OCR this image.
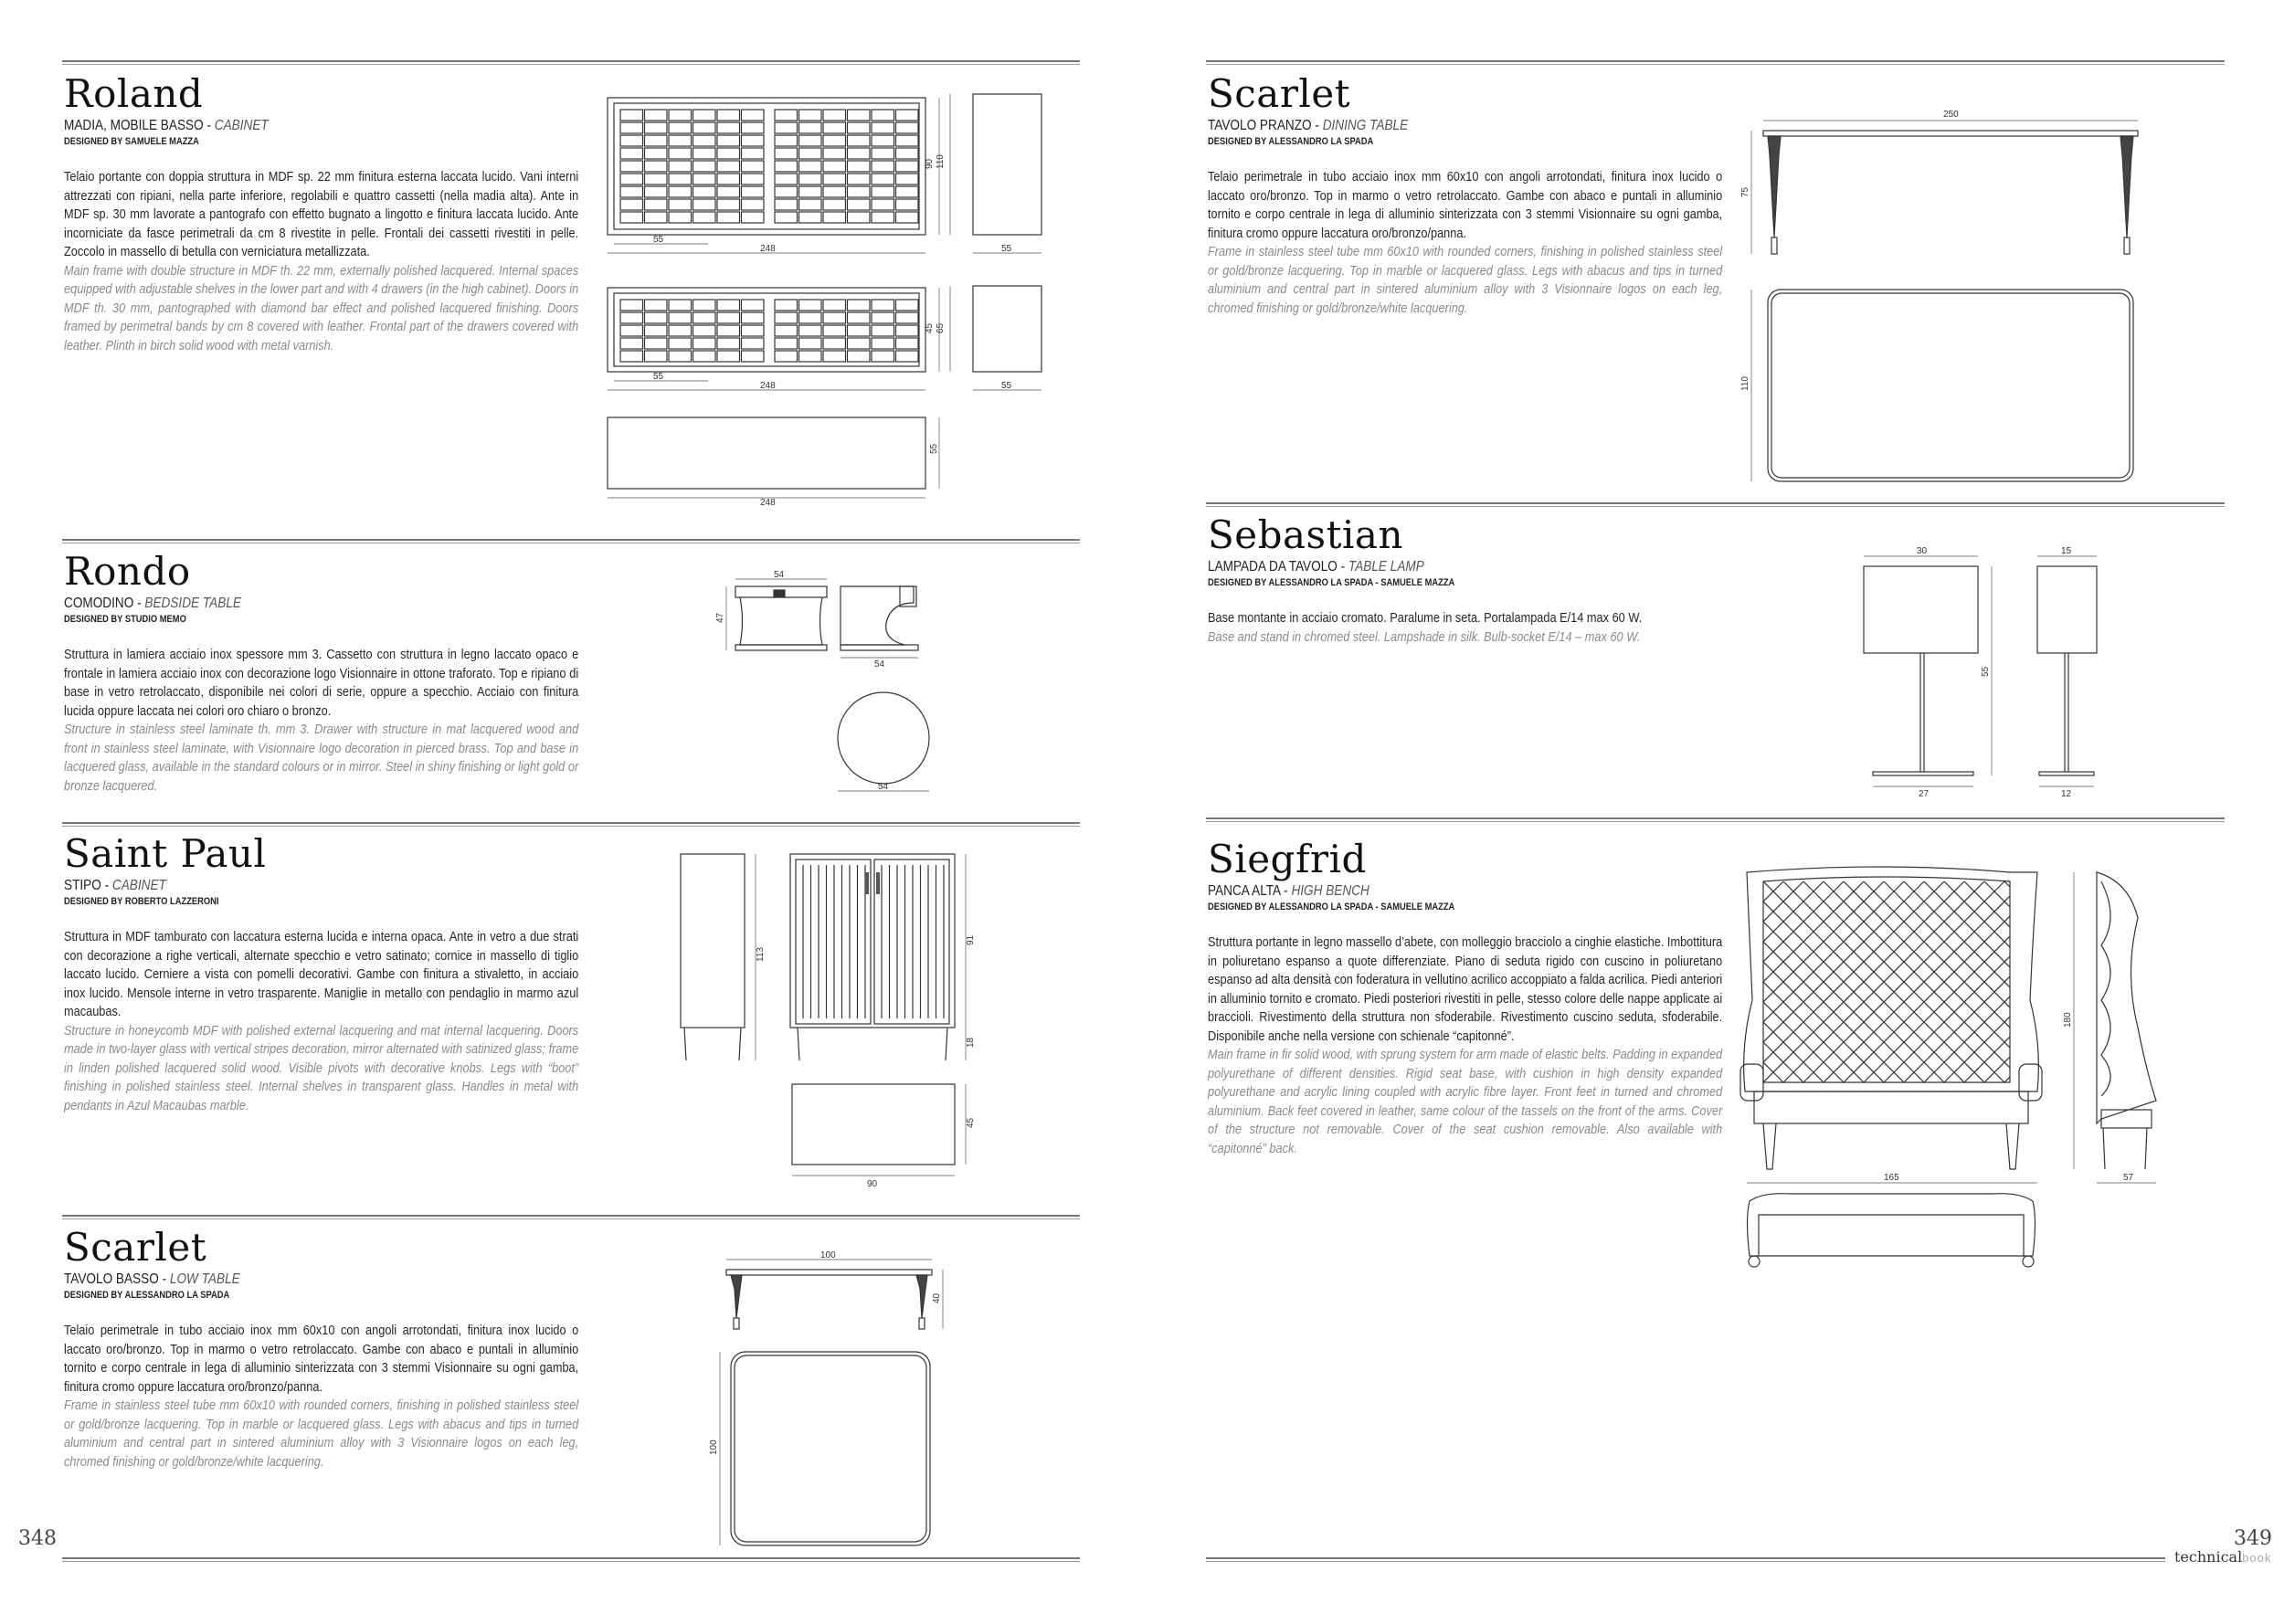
Roland
MADIA, MOBILE BASSO - CABINET
DESIGNED BY SAMUELE MAZZA

Telaio portante con doppia struttura in MDF sp. 22 mm finitura esterna laccata lucido. Vani interni attrezzati con ripiani, nella parte inferiore, regolabili e quattro cassetti (nella madia alta). Ante in MDF sp. 30 mm lavorate a pantografo con effetto bugnato a lingotto e finitura laccata lucido. Ante incorniciate da fasce perimetrali da cm 8 rivestite in pelle. Frontali dei cassetti rivestiti in pelle. Zoccolo in massello di betulla con verniciatura metallizzata.

Main frame with double structure in MDF th. 22 mm, externally polished lacquered. Internal spaces equipped with adjustable shelves in the lower part and with 4 drawers (in the high cabinet). Doors in MDF th. 30 mm, pantographed with diamond bar effect and polished lacquered finishing. Doors framed by perimetral bands by cm 8 covered with leather. Frontal part of the drawers covered with leather. Plinth in birch solid wood with metal varnish.

55
248
90 110
55
55
248
45 65
55
248
55
Rondo
COMODINO - BEDSIDE TABLE
DESIGNED BY STUDIO MEMO

Struttura in lamiera acciaio inox spessore mm 3. Cassetto con struttura in legno laccato opaco e frontale in lamiera acciaio inox con decorazione logo Visionnaire in ottone traforato. Top e ripiano di base in vetro retrolaccato, disponibile nei colori di serie, oppure a specchio. Acciaio con finitura lucida oppure laccata nei colori oro chiaro o bronzo.

Structure in stainless steel laminate th. mm 3. Drawer with structure in mat lacquered wood and front in stainless steel laminate, with Visionnaire logo decoration in pierced brass. Top and base in lacquered glass, available in the standard colours or in mirror. Steel in shiny finishing or light gold or bronze lacquered.

54
47
54
54
Saint Paul
STIPO - CABINET
DESIGNED BY ROBERTO LAZZERONI

Struttura in MDF tamburato con laccatura esterna lucida e interna opaca. Ante in vetro a due strati con decorazione a righe verticali, alternate specchio e vetro satinato; cornice in massello di tiglio laccato lucido. Cerniere a vista con pomelli decorativi. Gambe con finitura a stivaletto, in acciaio inox lucido. Mensole interne in vetro trasparente. Maniglie in metallo con pendaglio in marmo azul macaubas.

Structure in honeycomb MDF with polished external lacquering and mat internal lacquering. Doors made in two-layer glass with vertical stripes decoration, mirror alternated with satinized glass; frame in linden polished lacquered solid wood. Visible pivots with decorative knobs. Legs with “boot” finishing in polished stainless steel. Internal shelves in transparent glass. Handles in metal with pendants in Azul Macaubas marble.

113
91
18
45
90
Scarlet
TAVOLO BASSO - LOW TABLE
DESIGNED BY ALESSANDRO LA SPADA

Telaio perimetrale in tubo acciaio inox mm 60x10 con angoli arrotondati, finitura inox lucido o laccato oro/bronzo. Top in marmo o vetro retrolaccato. Gambe con abaco e puntali in alluminio tornito e corpo centrale in lega di alluminio sinterizzata con 3 stemmi Visionnaire su ogni gamba, finitura cromo oppure laccatura oro/bronzo/panna.

Frame in stainless steel tube mm 60x10 with rounded corners, finishing in polished stainless steel or gold/bronze lacquering. Top in marble or lacquered glass. Legs with abacus and tips in turned aluminium and central part in sintered aluminium alloy with 3 Visionnaire logos on each leg, chromed finishing or gold/bronze/white lacquering.

100
40
100
348
Scarlet
TAVOLO PRANZO - DINING TABLE
DESIGNED BY ALESSANDRO LA SPADA

Telaio perimetrale in tubo acciaio inox mm 60x10 con angoli arrotondati, finitura inox lucido o laccato oro/bronzo. Top in marmo o vetro retrolaccato. Gambe con abaco e puntali in alluminio tornito e corpo centrale in lega di alluminio sinterizzata con 3 stemmi Visionnaire su ogni gamba, finitura cromo oppure laccatura oro/bronzo/panna.

Frame in stainless steel tube mm 60x10 with rounded corners, finishing in polished stainless steel or gold/bronze lacquering. Top in marble or lacquered glass. Legs with abacus and tips in turned aluminium and central part in sintered aluminium alloy with 3 Visionnaire logos on each leg, chromed finishing or gold/bronze/white lacquering.

250
75
110
Sebastian
LAMPADA DA TAVOLO - TABLE LAMP
DESIGNED BY ALESSANDRO LA SPADA - SAMUELE MAZZA

Base montante in acciaio cromato. Paralume in seta. Portalampada E/14 max 60 W.

Base and stand in chromed steel. Lampshade in silk. Bulb-socket E/14 – max 60 W.

30	15
55
27	12
Siegfrid
PANCA ALTA - HIGH BENCH
DESIGNED BY ALESSANDRO LA SPADA - SAMUELE MAZZA

Struttura portante in legno massello d’abete, con molleggio bracciolo a cinghie elastiche. Imbottitura in poliuretano espanso a quote differenziate. Piano di seduta rigido con cuscino in poliuretano espanso ad alta densità con foderatura in vellutino acrilico accoppiato a falda acrilica. Piedi anteriori in alluminio tornito e cromato. Piedi posteriori rivestiti in pelle, stesso colore delle nappe applicate ai braccioli. Rivestimento della struttura non sfoderabile. Rivestimento cuscino seduta, sfoderabile. Disponibile anche nella versione con schienale “capitonné”.

Main frame in fir solid wood, with sprung system for arm made of elastic belts. Padding in expanded polyurethane of different densities. Rigid seat base, with cushion in high density expanded polyurethane and acrylic lining coupled with acrylic fibre layer. Front feet in turned and chromed aluminium. Back feet covered in leather, same colour of the tassels on the front of the arms. Cover of the structure not removable. Cover of the seat cushion removable. Also available with “capitonné” back.

180
165	57
349
technicalbook
